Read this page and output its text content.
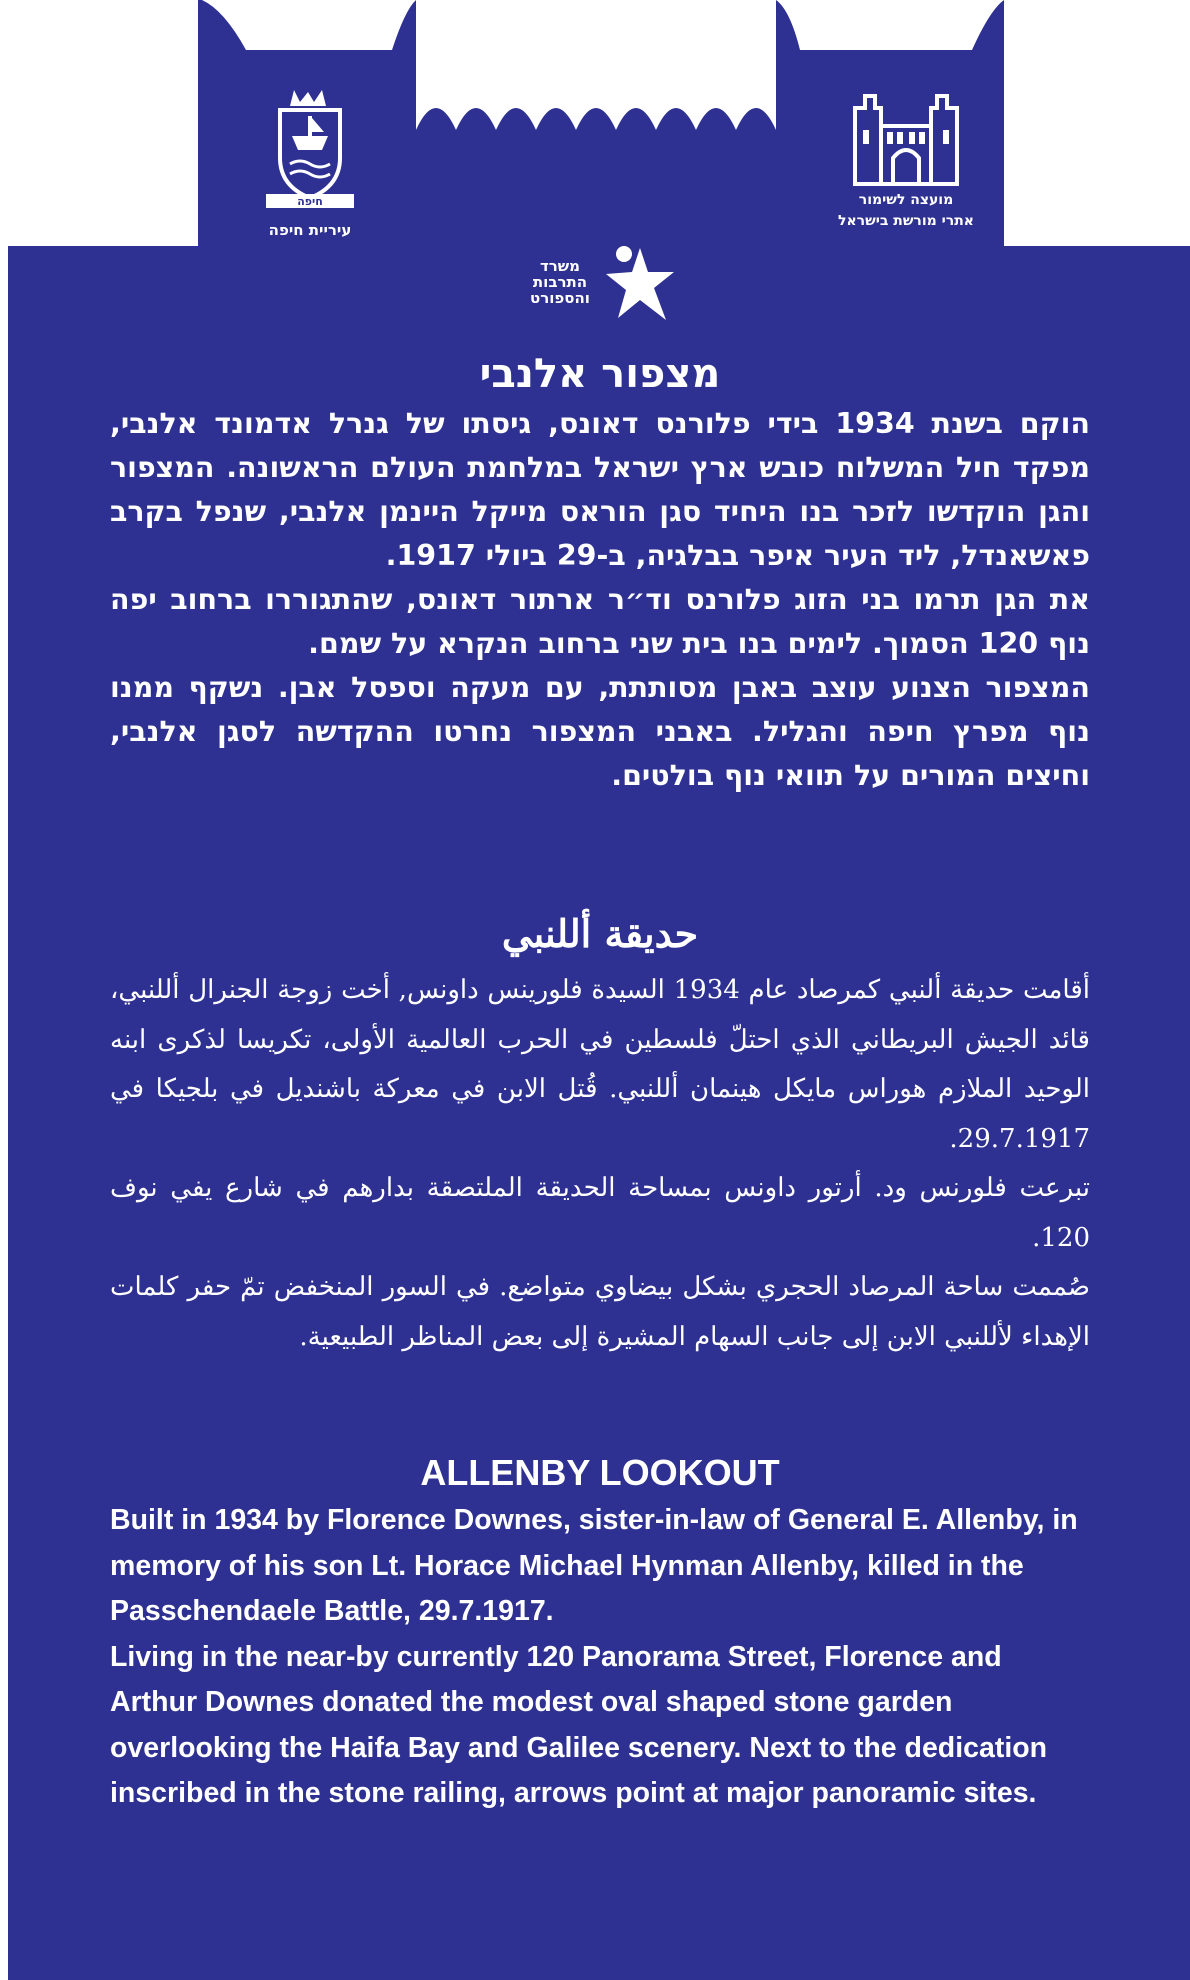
חיפה
עיריית חיפה
מועצה לשימור
אתרי מורשת בישראל
משרד
התרבות
והספורט
מצפור אלנבי

הוקם בשנת 1934 בידי פלורנס דאונס, גיסתו של גנרל אדמונד אלנבי, מפקד חיל המשלוח כובש ארץ ישראל במלחמת העולם הראשונה. המצפור והגן הוקדשו לזכר בנו היחיד סגן הוראס מייקל היינמן אלנבי, שנפל בקרב פאשאנדל, ליד העיר איפר בבלגיה, ב-29 ביולי 1917.

את הגן תרמו בני הזוג פלורנס וד״ר ארתור דאונס, שהתגוררו ברחוב יפה נוף 120 הסמוך. לימים בנו בית שני ברחוב הנקרא על שמם.

המצפור הצנוע עוצב באבן מסותתת, עם מעקה וספסל אבן. נשקף ממנו נוף מפרץ חיפה והגליל. באבני המצפור נחרטו ההקדשה לסגן אלנבי, וחיצים המורים על תוואי נוף בולטים.

حديقة أللنبي

أقامت حديقة ألنبي كمرصاد عام 1934 السيدة فلورينس داونس, أخت زوجة الجنرال أللنبي، قائد الجيش البريطاني الذي احتلّ فلسطين في الحرب العالمية الأولى، تكريسا لذكرى ابنه الوحيد الملازم هوراس مايكل هينمان أللنبي. قُتل الابن في معركة باشنديل في بلجيكا في 29.7.1917.

تبرعت فلورنس ود. أرتور داونس بمساحة الحديقة الملتصقة بدارهم في شارع يفي نوف 120.

صُممت ساحة المرصاد الحجري بشكل بيضاوي متواضع. في السور المنخفض تمّ حفر كلمات الإهداء لأللنبي الابن إلى جانب السهام المشيرة إلى بعض المناظر الطبيعية.

ALLENBY LOOKOUT

Built in 1934 by Florence Downes, sister-in-law of General E. Allenby, in memory of his son Lt. Horace Michael Hynman Allenby, killed in the Passchendaele Battle, 29.7.1917.

Living in the near-by currently 120 Panorama Street, Florence and Arthur Downes donated the modest oval shaped stone garden overlooking the Haifa Bay and Galilee scenery. Next to the dedication inscribed in the stone railing, arrows point at major panoramic sites.
